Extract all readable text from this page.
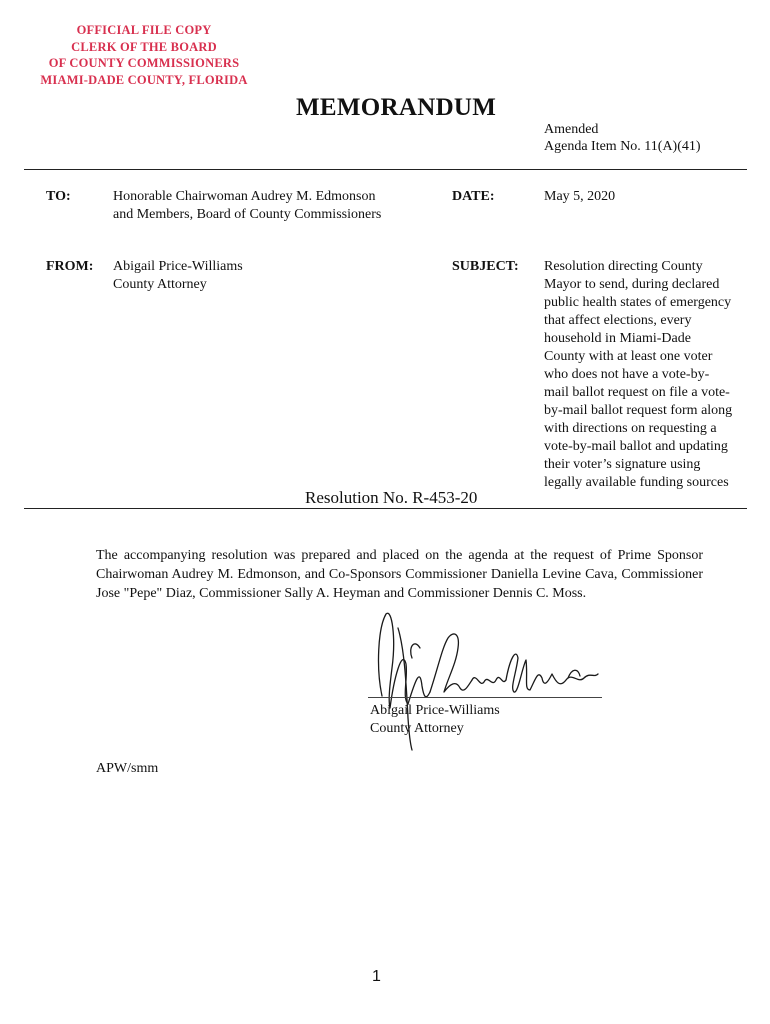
OFFICIAL FILE COPY
CLERK OF THE BOARD
OF COUNTY COMMISSIONERS
MIAMI-DADE COUNTY, FLORIDA
MEMORANDUM
Amended
Agenda Item No. 11(A)(41)
TO:	Honorable Chairwoman Audrey M. Edmonson
and Members, Board of County Commissioners
DATE:	May 5, 2020
FROM: Abigail Price-Williams
County Attorney
SUBJECT: Resolution directing County
Mayor to send, during declared
public health states of emergency
that affect elections, every
household in Miami-Dade
County with at least one voter
who does not have a vote-by-
mail ballot request on file a vote-
by-mail ballot request form along
with directions on requesting a
vote-by-mail ballot and updating
their voter’s signature using
legally available funding sources
Resolution No. R-453-20
The accompanying resolution was prepared and placed on the agenda at the request of Prime Sponsor Chairwoman Audrey M. Edmonson, and Co-Sponsors Commissioner Daniella Levine Cava, Commissioner Jose "Pepe" Diaz, Commissioner Sally A. Heyman and Commissioner Dennis C. Moss.
Abigail Price-Williams
County Attorney
APW/smm
1
